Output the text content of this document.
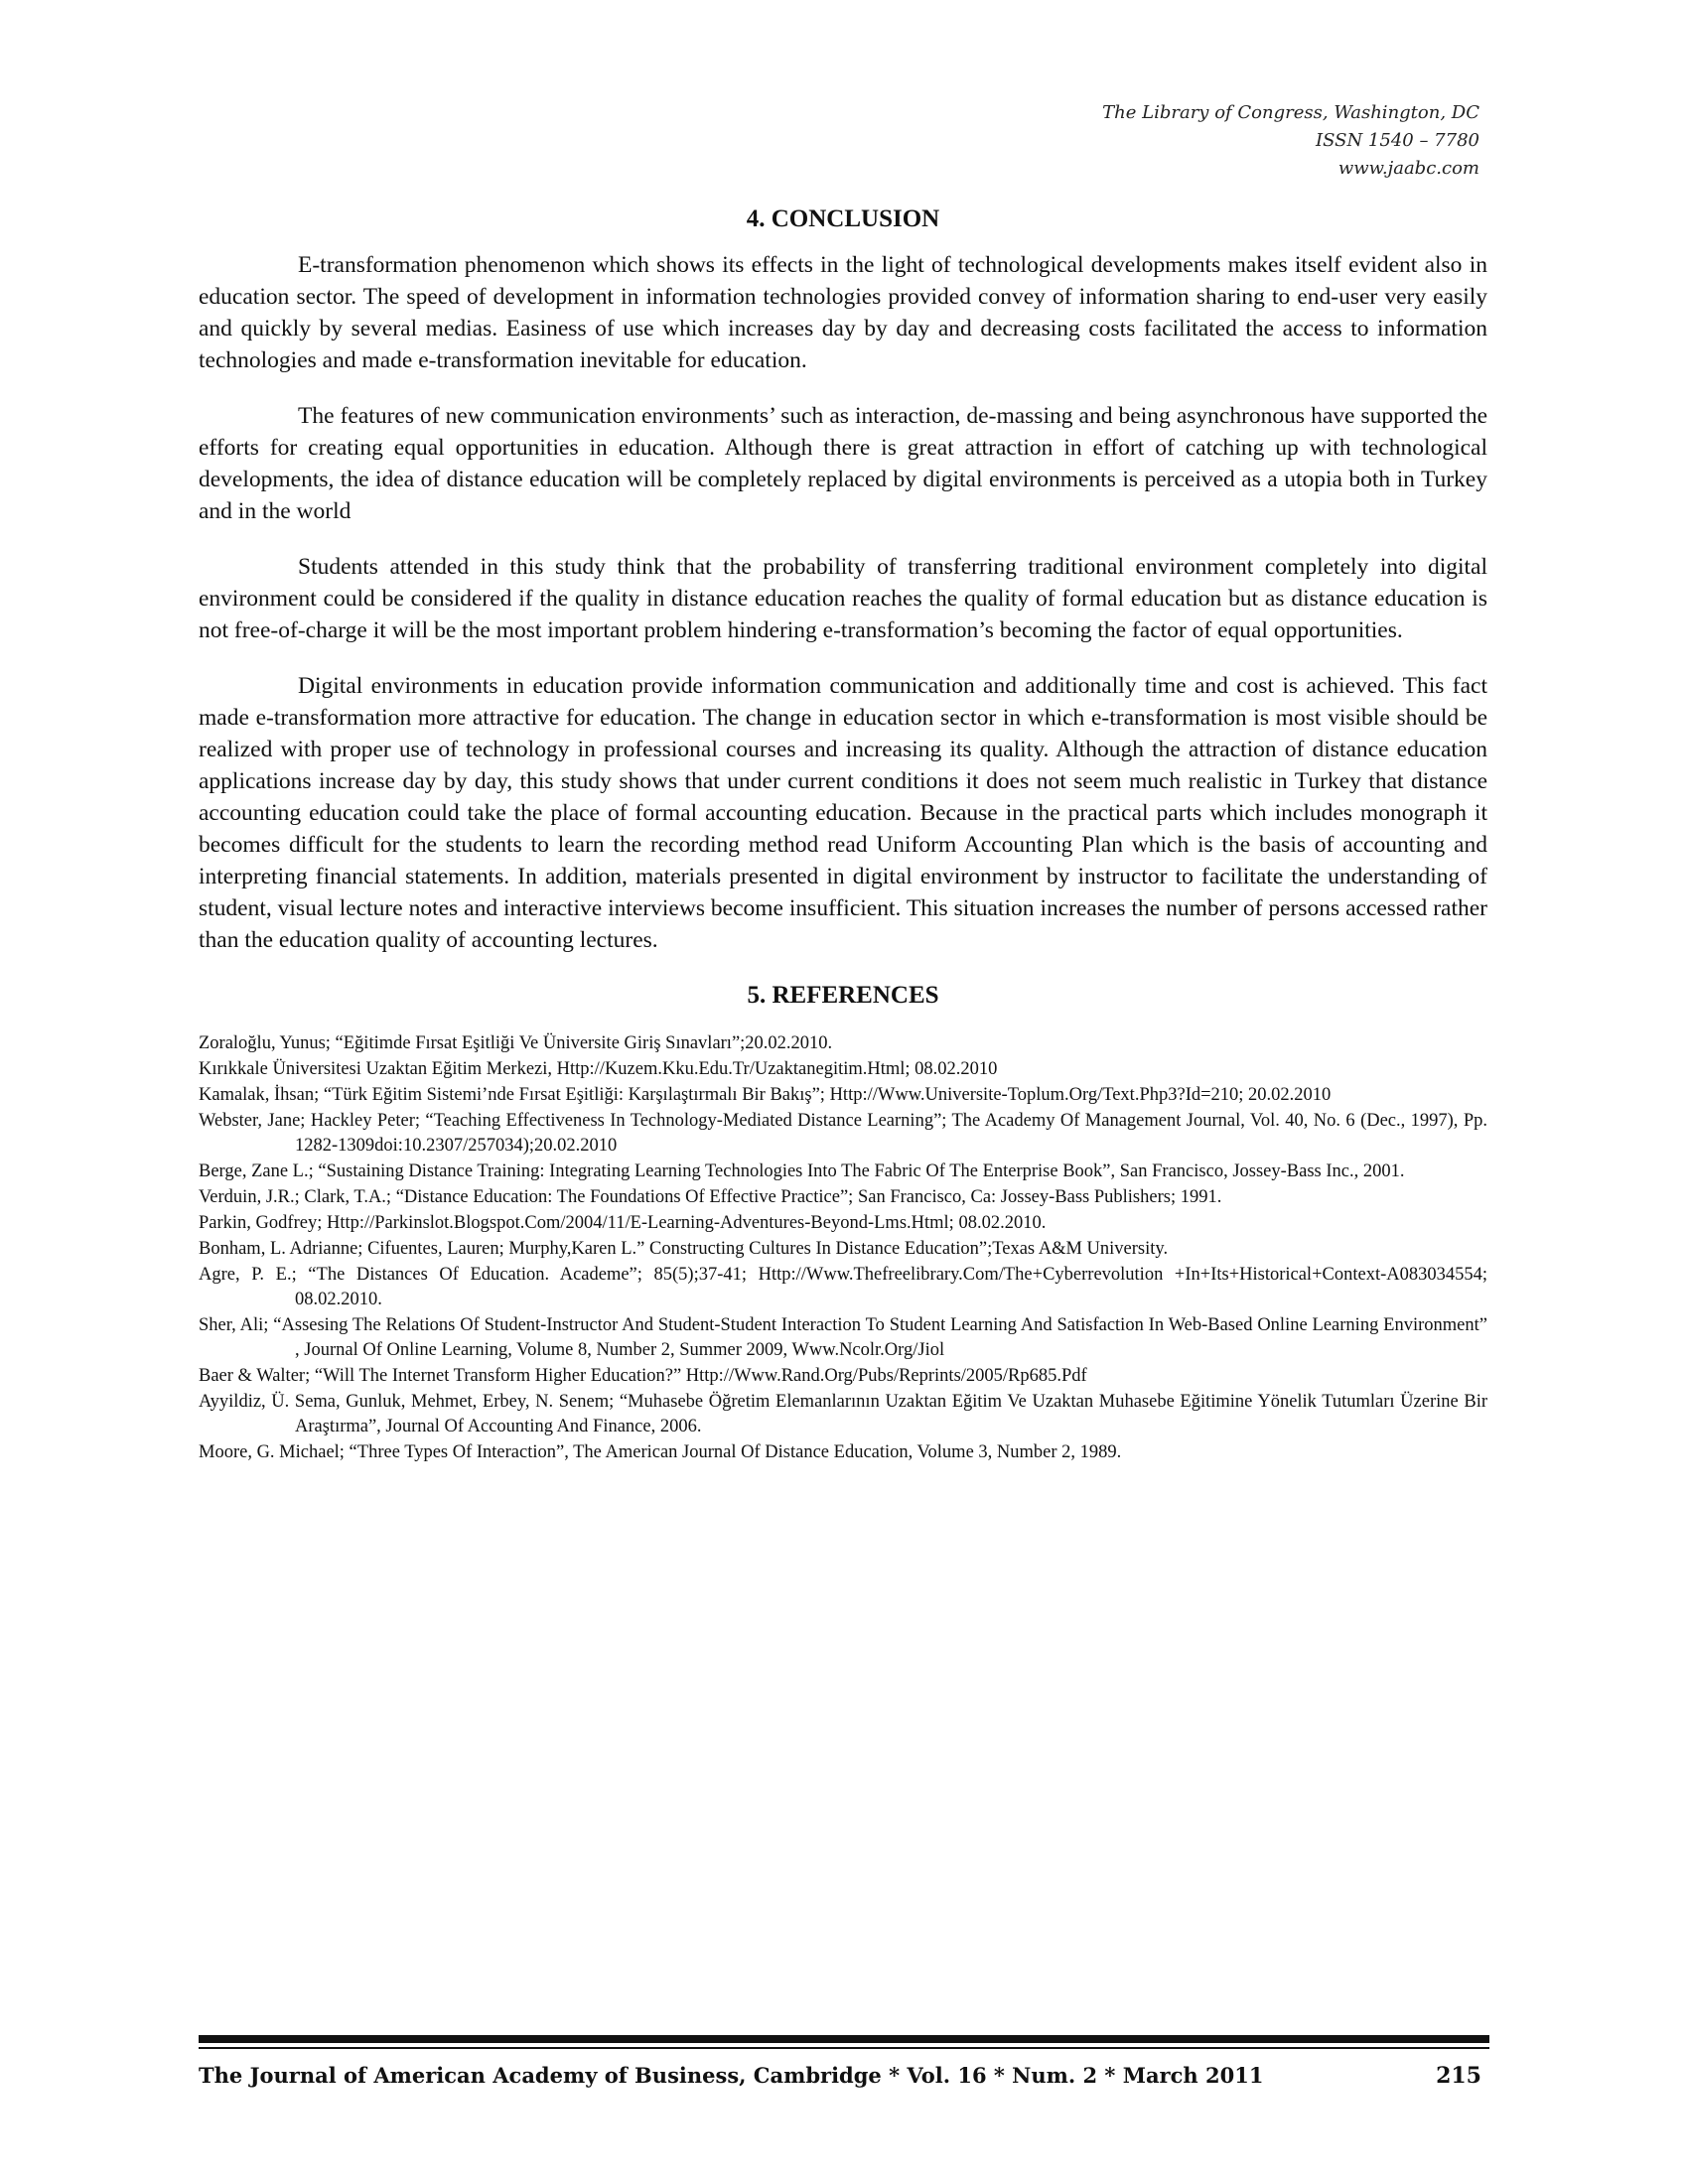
The Library of Congress, Washington, DC
ISSN 1540 – 7780
www.jaabc.com
4. CONCLUSION

E-transformation phenomenon which shows its effects in the light of technological developments makes itself evident also in education sector. The speed of development in information technologies provided convey of information sharing to end-user very easily and quickly by several medias. Easiness of use which increases day by day and decreasing costs facilitated the access to information technologies and made e-transformation inevitable for education.

The features of new communication environments’ such as interaction, de-massing and being asynchronous have supported the efforts for creating equal opportunities in education. Although there is great attraction in effort of catching up with technological developments, the idea of distance education will be completely replaced by digital environments is perceived as a utopia both in Turkey and in the world

Students attended in this study think that the probability of transferring traditional environment completely into digital environment could be considered if the quality in distance education reaches the quality of formal education but as distance education is not free-of-charge it will be the most important problem hindering e-transformation’s becoming the factor of equal opportunities.

Digital environments in education provide information communication and additionally time and cost is achieved. This fact made e-transformation more attractive for education. The change in education sector in which e-transformation is most visible should be realized with proper use of technology in professional courses and increasing its quality. Although the attraction of distance education applications increase day by day, this study shows that under current conditions it does not seem much realistic in Turkey that distance accounting education could take the place of formal accounting education. Because in the practical parts which includes monograph it becomes difficult for the students to learn the recording method read Uniform Accounting Plan which is the basis of accounting and interpreting financial statements. In addition, materials presented in digital environment by instructor to facilitate the understanding of student, visual lecture notes and interactive interviews become insufficient. This situation increases the number of persons accessed rather than the education quality of accounting lectures.

5. REFERENCES
Zoraloğlu, Yunus; “Eğitimde Fırsat Eşitliği Ve Üniversite Giriş Sınavları”;20.02.2010.
Kırıkkale Üniversitesi Uzaktan Eğitim Merkezi, Http://Kuzem.Kku.Edu.Tr/Uzaktanegitim.Html; 08.02.2010
Kamalak, İhsan; “Türk Eğitim Sistemi’nde Fırsat Eşitliği: Karşılaştırmalı Bir Bakış”; Http://Www.Universite-Toplum.Org/Text.Php3?Id=210; 20.02.2010
Webster, Jane; Hackley Peter; “Teaching Effectiveness In Technology-Mediated Distance Learning”; The Academy Of Management Journal, Vol. 40, No. 6 (Dec., 1997), Pp. 1282-1309doi:10.2307/257034);20.02.2010
Berge, Zane L.; “Sustaining Distance Training: Integrating Learning Technologies Into The Fabric Of The Enterprise Book”, San Francisco, Jossey-Bass Inc., 2001.
Verduin, J.R.; Clark, T.A.; “Distance Education: The Foundations Of Effective Practice”; San Francisco, Ca: Jossey-Bass Publishers; 1991.
Parkin, Godfrey; Http://Parkinslot.Blogspot.Com/2004/11/E-Learning-Adventures-Beyond-Lms.Html; 08.02.2010.
Bonham, L. Adrianne; Cifuentes, Lauren; Murphy,Karen L.” Constructing Cultures In Distance Education”;Texas A&M University.
Agre, P. E.; “The Distances Of Education. Academe”; 85(5);37-41; Http://Www.Thefreelibrary.Com/The+Cyberrevolution +In+Its+Historical+Context-A083034554; 08.02.2010.
Sher, Ali; “Assesing The Relations Of Student-Instructor And Student-Student Interaction To Student Learning And Satisfaction In Web-Based Online Learning Environment” , Journal Of Online Learning, Volume 8, Number 2, Summer 2009, Www.Ncolr.Org/Jiol
Baer & Walter; “Will The Internet Transform Higher Education?” Http://Www.Rand.Org/Pubs/Reprints/2005/Rp685.Pdf
Ayyildiz, Ü. Sema, Gunluk, Mehmet, Erbey, N. Senem; “Muhasebe Öğretim Elemanlarının Uzaktan Eğitim Ve Uzaktan Muhasebe Eğitimine Yönelik Tutumları Üzerine Bir Araştırma”, Journal Of Accounting And Finance, 2006.
Moore, G. Michael; “Three Types Of Interaction”, The American Journal Of Distance Education, Volume 3, Number 2, 1989.
The Journal of American Academy of Business, Cambridge * Vol. 16 * Num. 2 * March 2011	215
